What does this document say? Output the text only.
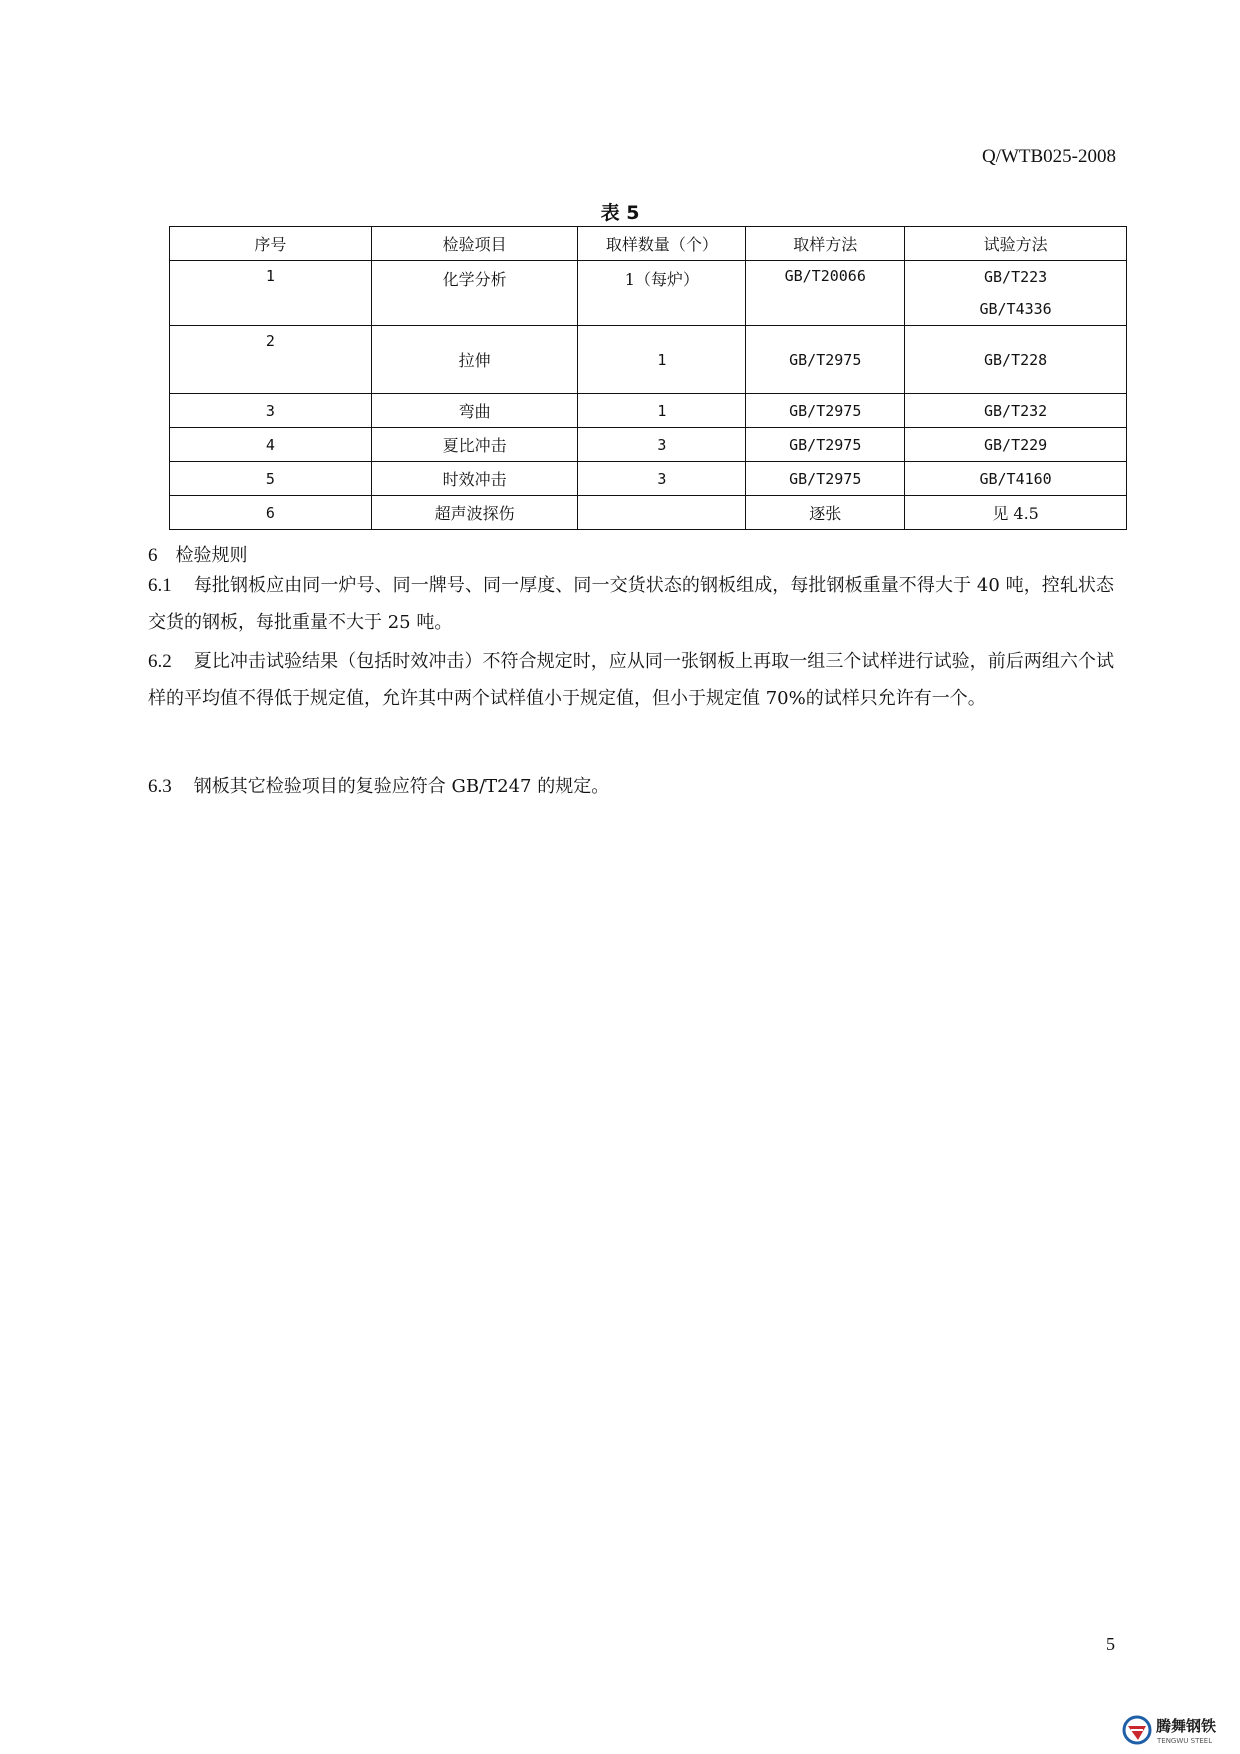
Q/WTB025-2008
表 5
序号	检验项目	取样数量（个）	取样方法	试验方法
1	化学分析	1（每炉）	GB/T20066	GB/T223
GB/T4336

2	拉伸	1	GB/T2975	GB/T228
3	弯曲	1	GB/T2975	GB/T232
4	夏比冲击	3	GB/T2975	GB/T229
5	时效冲击	3	GB/T2975	GB/T4160
6	超声波探伤		逐张	见 4.5
6 检验规则
6.1 每批钢板应由同一炉号、同一牌号、同一厚度、同一交货状态的钢板组成，每批钢板重量不得大于 40 吨，控轧状态交货的钢板，每批重量不大于 25 吨。
6.2 夏比冲击试验结果（包括时效冲击）不符合规定时，应从同一张钢板上再取一组三个试样进行试验，前后两组六个试样的平均值不得低于规定值，允许其中两个试样值小于规定值，但小于规定值 70%的试样只允许有一个。
6.3 钢板其它检验项目的复验应符合 GB/T247 的规定。
5
腾舞钢铁
TENGWU STEEL
